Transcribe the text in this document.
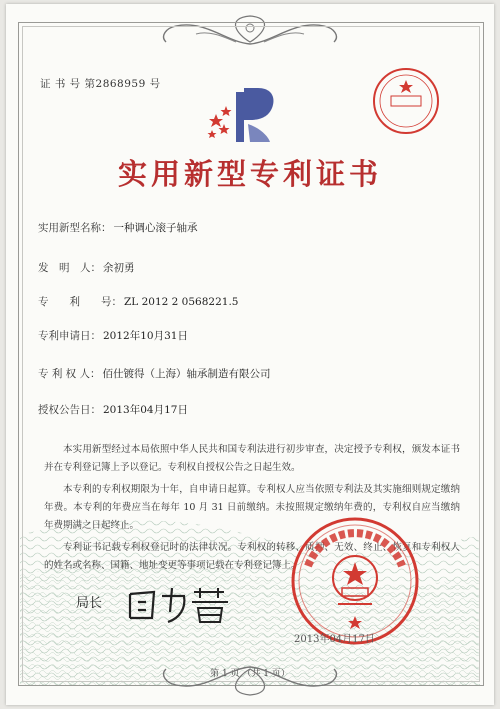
证 书 号 第2868959 号
实用新型专利证书
实用新型名称： 一种调心滚子轴承
发　明　人： 余初勇
专　　利　　号： ZL 2012 2 0568221.5
专利申请日： 2012年10月31日
专 利 权 人： 佰仕镀得（上海）轴承制造有限公司
授权公告日： 2013年04月17日

本实用新型经过本局依照中华人民共和国专利法进行初步审查，决定授予专利权，颁发本证书并在专利登记簿上予以登记。专利权自授权公告之日起生效。

本专利的专利权期限为十年，自申请日起算。专利权人应当依照专利法及其实施细则规定缴纳年费。本专利的年费应当在每年 10 月 31 日前缴纳。未按照规定缴纳年费的，专利权自应当缴纳年费期满之日起终止。

专利证书记载专利权登记时的法律状况。专利权的转移、质押、无效、终止、恢复和专利权人的姓名或名称、国籍、地址变更等事项记载在专利登记簿上。

局长
2013年04月17日
第 1 页 （共 1 页）
